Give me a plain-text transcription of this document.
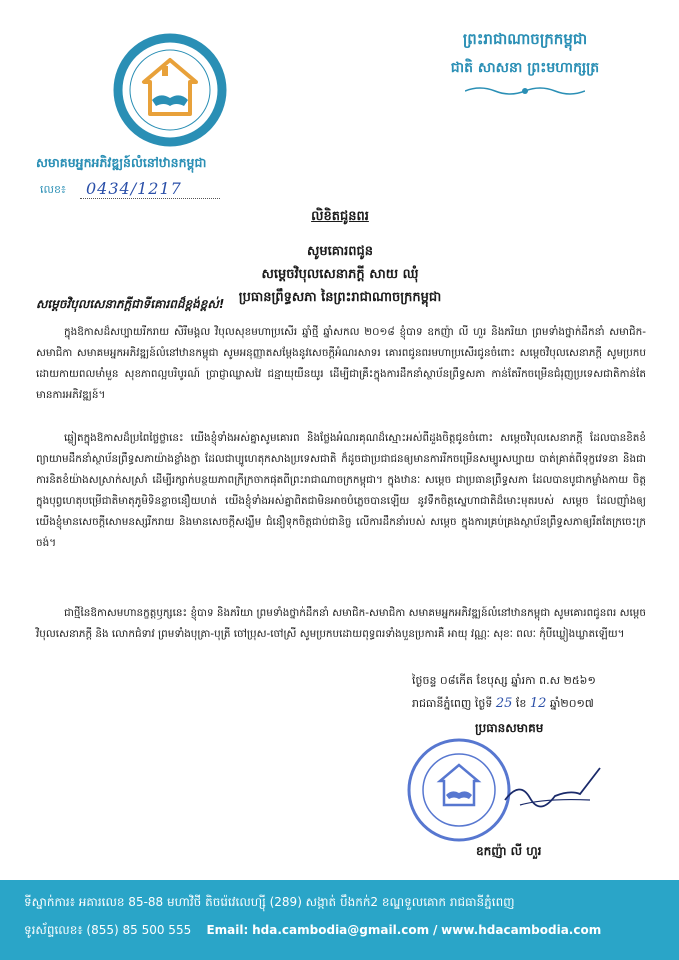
សមាគមអ្នកអភិវឌ្ឍន៍លំនៅឋានកម្ពុជា
លេខ៖ 0434/1217
ព្រះរាជាណាចក្រកម្ពុជា
ជាតិ សាសនា ព្រះមហាក្សត្រ
លិខិតជូនពរ
សូមគោរពជូន
សម្តេចវិបុលសេនាភក្តី សាយ ឈុំ
ប្រធានព្រឹទ្ធសភា នៃព្រះរាជាណាចក្រកម្ពុជា
សម្តេចវិបុលសេនាភក្តីជាទីគោរពដ៏ខ្ពង់ខ្ពស់!
ក្នុងឱកាសដ៏សប្បាយរីករាយ សិរីមង្គល វិបុលសុខមហាប្រសើរ ឆ្នាំថ្មី ឆ្នាំសកល ២០១៨ ខ្ញុំបាទ ឧកញ៉ា លី ហួរ និងភរិយា ព្រមទាំងថ្នាក់ដឹកនាំ សមាជិក-សមាជិកា សមាគមអ្នកអភិវឌ្ឍន៍លំនៅឋានកម្ពុជា សូមអនុញ្ញាតសម្តែងនូវសេចក្តីអំណរសាទរ គោរពជូនពរមហាប្រសើរជូនចំពោះ សម្តេចវិបុលសេនាភក្តី សូមប្រកបដោយកាយពលមាំមួន សុខភាពល្អបរិបូរណ៍ ប្រាជ្ញាឈ្លាសវៃ ជន្មាយុយឺនយូរ ដើម្បីជាគ្រឹះក្នុងការដឹកនាំស្ថាប័នព្រឹទ្ធសភា កាន់តែរីកចម្រើនជំរុញប្រទេសជាតិកាន់តែមានការអភិវឌ្ឍន៍។
ឆ្លៀតក្នុងឱកាសដ៏ប្រពៃថ្លៃថ្លានេះ យើងខ្ញុំទាំងអស់គ្នាសូមគោរព និងថ្លែងអំណរគុណដ៏ស្មោះអស់ពីដួងចិត្តជូនចំពោះ សម្តេចវិបុលសេនាភក្តី ដែលបានខិតខំព្យាយាមដឹកនាំស្ថាប័នព្រឹទ្ធសភាយ៉ាងខ្លាំងក្លា ដែលជាប្បូហេតុកសាងប្រទេសជាតិ ក៏ដូចជាប្រជាជនឲ្យមានការរីកចម្រើនសម្បូរសប្បាយ បាត់គ្រាត់ពីទុក្ខវេទនា និងជាការនិតខំយ៉ាងសស្រាក់សស្រាំ ដើម្បីរក្សាក់បន្ថយភាពក្រីក្រចាកផុតពីព្រះរាជាណាចក្រកម្ពុជា។ ក្នុងឋានៈ សម្តេច ជាប្រធានព្រឹទ្ធសភា ដែលបានបូជាកម្លាំងកាយ ចិត្ត ក្នុងបុព្វហេតុបម្រើជាតិមាតុភូមិទិនខ្លាចនឿយហត់ យើងខ្ញុំទាំងអស់គ្នាពិតជាមិនអាចបំភ្លេចបានឡើយ នូវទឹកចិត្តស្នេហាជាតិដ៏មោះមុតរបស់ សម្តេច ដែលញ៉ាំងឲ្យយើងខ្ញុំមានសេចក្តីសោមនស្សរីករាយ និងមានសេចក្តីសង្ឃឹម ជំនឿទុកចិត្តជាប់ជានិច្ច លើការដឹកនាំរបស់ សម្តេច ក្នុងការគ្រប់គ្រងស្ថាប័នព្រឹទ្ធសភាឲ្យរឹតតែក្រចេះក្រចង់។
ជាថ្មីនៃឱកាសមហានក្ខត្តឫក្សនេះ ខ្ញុំបាទ និងភរិយា ព្រមទាំងថ្នាក់ដឹកនាំ សមាជិក-សមាជិកា សមាគមអ្នកអភិវឌ្ឍន៍លំនៅឋានកម្ពុជា សូមគោរពជូនពរ សម្តេចវិបុលសេនាភក្តី និង លោកជំទាវ ព្រមទាំងបុត្រា-បុត្រី ចៅប្រុស-ចៅស្រី សូមប្រកបដោយពុទ្ធពរទាំងបួនប្រការគឺ អាយុ វណ្ណៈ សុខៈ ពលៈ កុំបីឃ្លៀងឃ្លាតឡើយ។
ថ្ងៃចន្ទ ០៨កើត ខែបុស្ស ឆ្នាំរកា ព.ស ២៥៦១
រាជធានីភ្នំពេញ ថ្ងៃទី 25 ខែ 12 ឆ្នាំ២០១៧
ប្រធានសមាគម
ឧកញ៉ា លី ហួរ
ទីស្នាក់ការ៖ អគារលេខ 85-88 មហាវិថី តិចរ៉េវេលេហ្សុី (289) សង្កាត់ បឹងកក់2 ខណ្ឌទួលគោក រាជធានីភ្នំពេញ
ទូរស័ព្ទលេខ៖ (855) 85 500 555 Email: hda.cambodia@gmail.com / www.hdacambodia.com
